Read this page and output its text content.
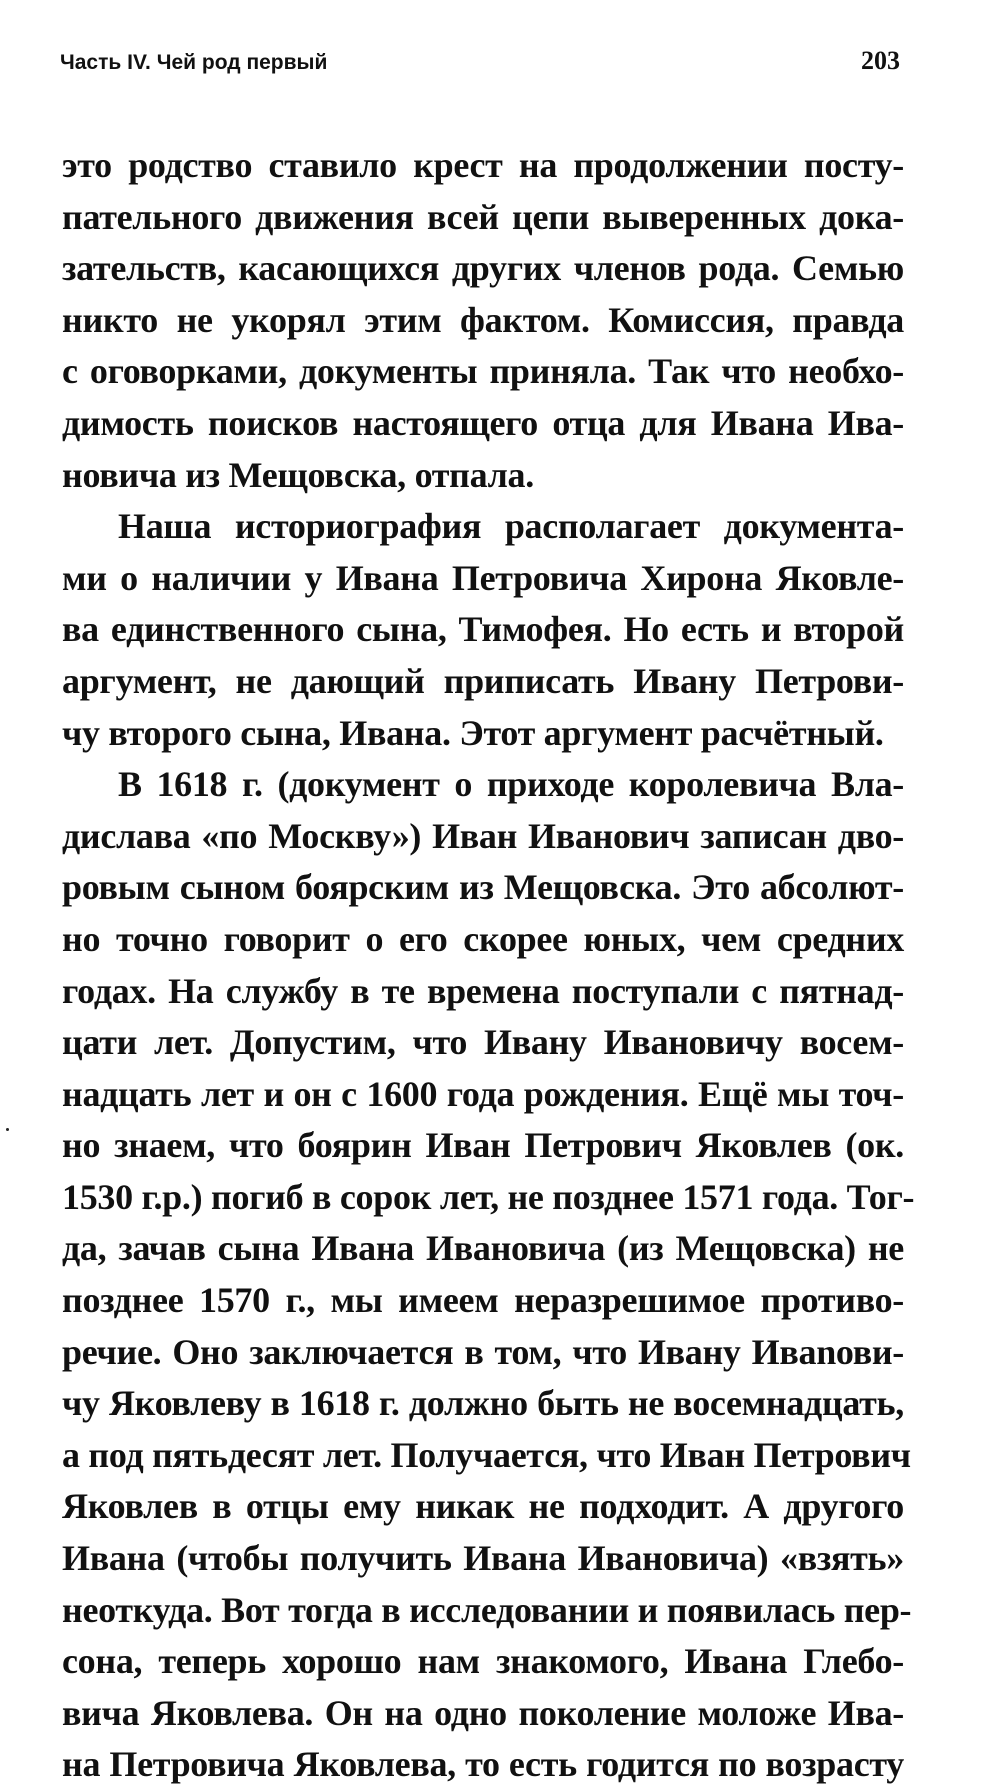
Часть IV. Чей род первый	203
это родство ставило крест на продолжении посту-
пательного движения всей цепи выверенных дока-
зательств, касающихся других членов рода. Семью
никто не укорял этим фактом. Комиссия, правда
с оговорками, документы приняла. Так что необхо-
димость поисков настоящего отца для Ивана Ива-
новича из Мещовска, отпала.
Наша историография располагает документа-
ми о наличии у Ивана Петровича Хирона Яковле-
ва единственного сына, Тимофея. Но есть и второй
аргумент, не дающий приписать Ивану Петрови-
чу второго сына, Ивана. Этот аргумент расчётный.
В 1618 г. (документ о приходе королевича Вла-
дислава «по Москву») Иван Иванович записан дво-
ровым сыном боярским из Мещовска. Это абсолют-
но точно говорит о его скорее юных, чем средних
годах. На службу в те времена поступали с пятнад-
цати лет. Допустим, что Ивану Ивановичу восем-
надцать лет и он с 1600 года рождения. Ещё мы точ-
но знаем, что боярин Иван Петрович Яковлев (ок.
1530 г.р.) погиб в сорок лет, не позднее 1571 года. Тог-
да, зачав сына Ивана Ивановича (из Мещовска) не
позднее 1570 г., мы имеем неразрешимое противо-
речие. Оно заключается в том, что Ивану Ивanови-
чу Яковлеву в 1618 г. должно быть не восемнадцать,
а под пятьдесят лет. Получается, что Иван Петрович
Яковлев в отцы ему никак не подходит. А другого
Ивана (чтобы получить Ивана Ивановича) «взять»
неоткуда. Вот тогда в исследовании и появилась пер-
сона, теперь хорошо нам знакомого, Ивана Глебо-
вича Яковлева. Он на одно поколение моложе Ива-
на Петровича Яковлева, то есть годится по возрасту
